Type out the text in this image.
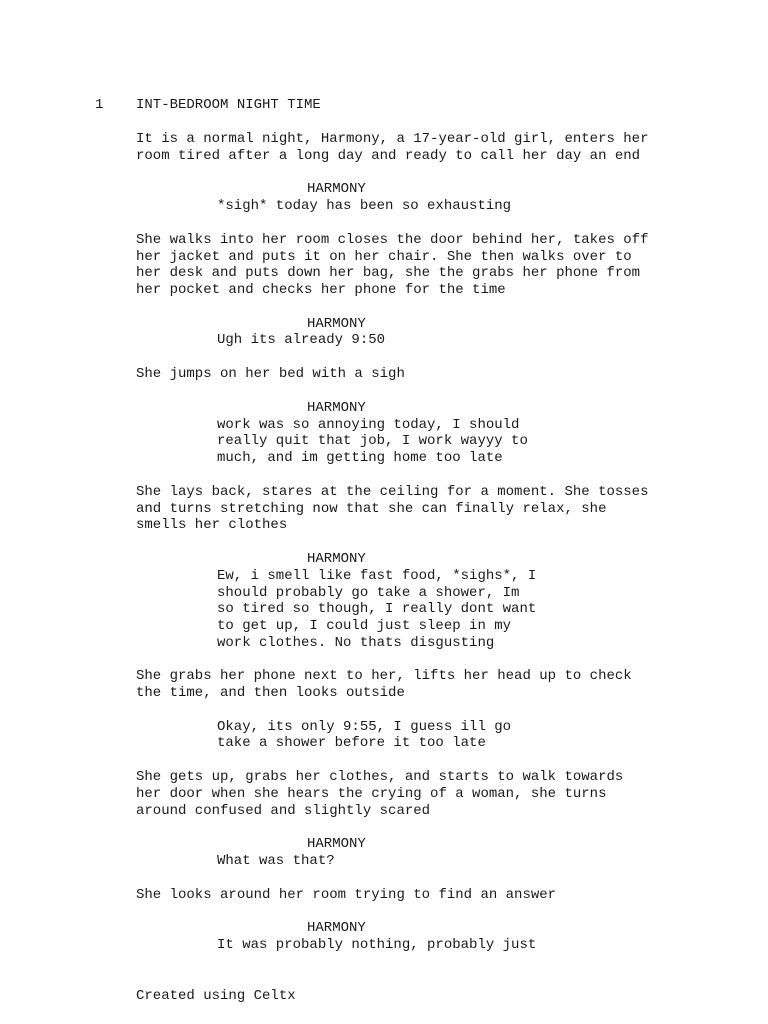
1 INT-BEDROOM NIGHT TIME
It is a normal night, Harmony, a 17-year-old girl, enters her
room tired after a long day and ready to call her day an end
HARMONY
*sigh* today has been so exhausting
She walks into her room closes the door behind her, takes off
her jacket and puts it on her chair. She then walks over to
her desk and puts down her bag, she the grabs her phone from
her pocket and checks her phone for the time
HARMONY
Ugh its already 9:50
She jumps on her bed with a sigh
HARMONY
work was so annoying today, I should
really quit that job, I work wayyy to
much, and im getting home too late
She lays back, stares at the ceiling for a moment. She tosses
and turns stretching now that she can finally relax, she
smells her clothes
HARMONY
Ew, i smell like fast food, *sighs*, I
should probably go take a shower, Im
so tired so though, I really dont want
to get up, I could just sleep in my
work clothes. No thats disgusting
She grabs her phone next to her, lifts her head up to check
the time, and then looks outside
Okay, its only 9:55, I guess ill go
take a shower before it too late
She gets up, grabs her clothes, and starts to walk towards
her door when she hears the crying of a woman, she turns
around confused and slightly scared
HARMONY
What was that?
She looks around her room trying to find an answer
HARMONY
It was probably nothing, probably just
Created using Celtx
